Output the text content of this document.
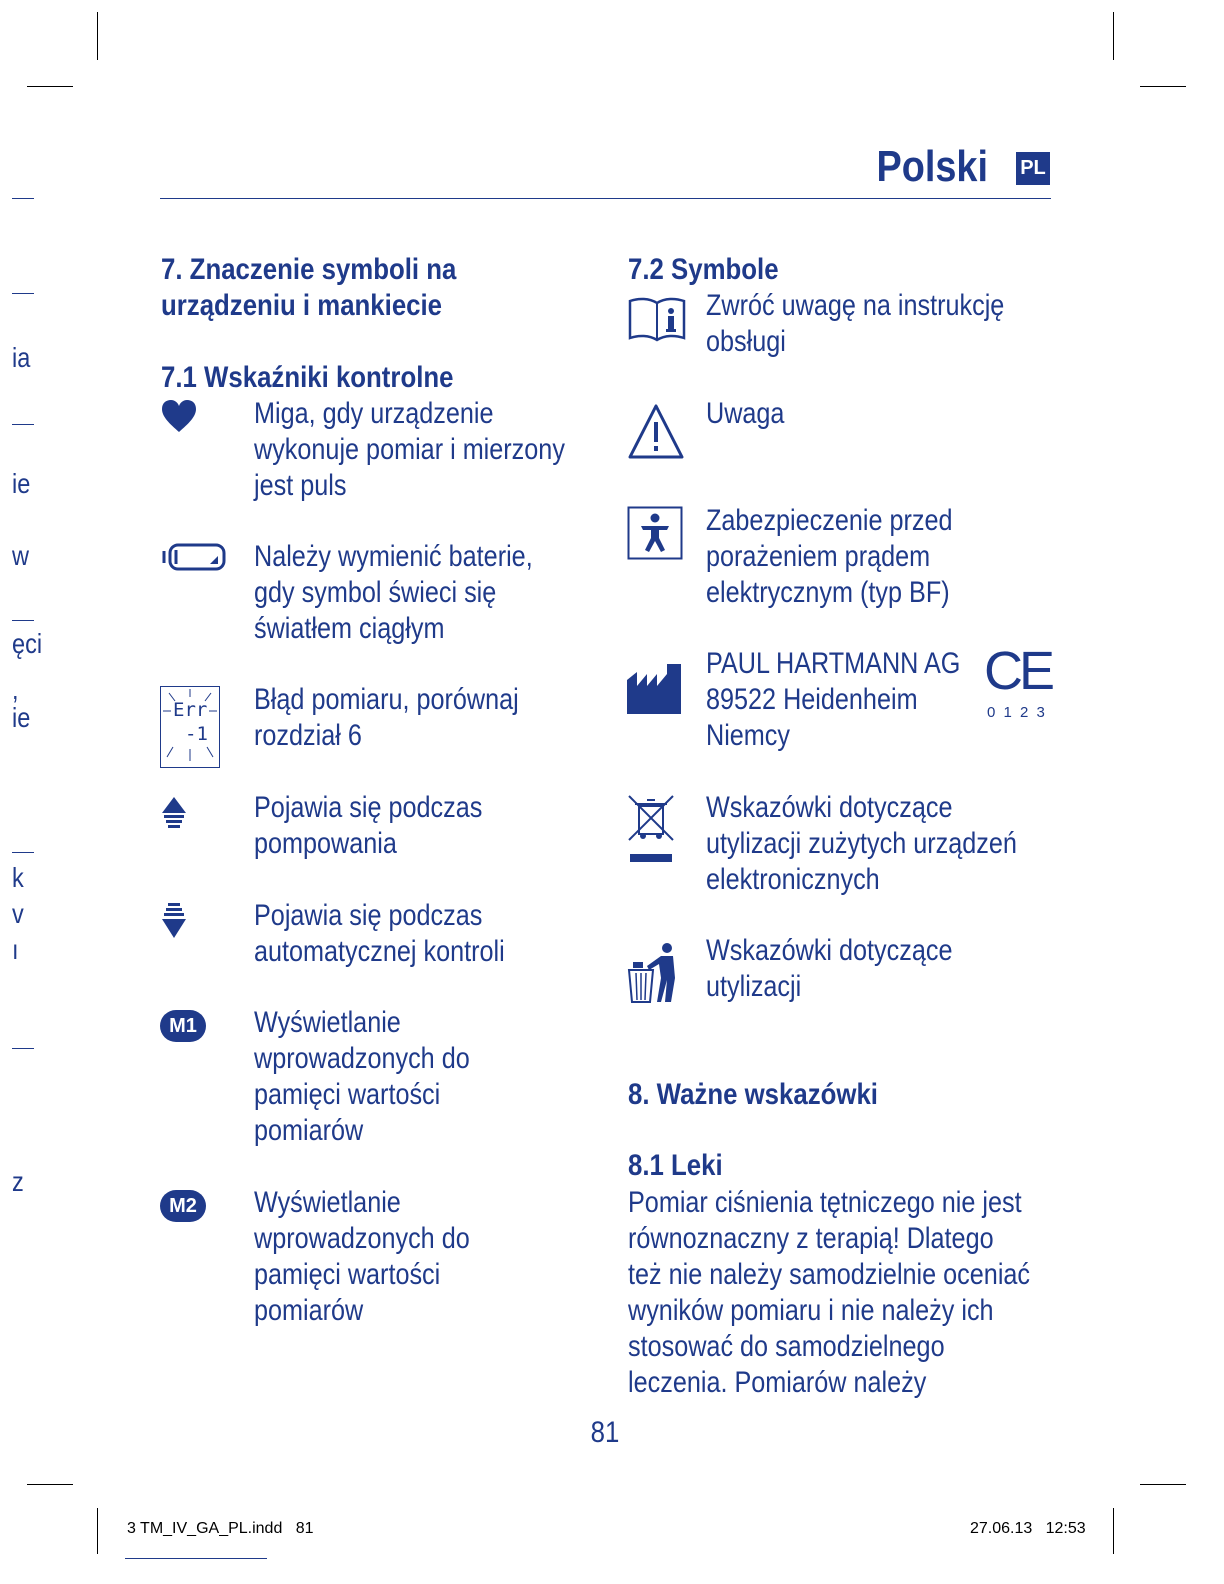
ia
ie
w
ęci
,
ie
k
v
ı
z
Polski PL
7. Znaczenie symboli na
urządzeniu i mankiecie
7.1 Wskaźniki kontrolne
Miga, gdy urządzenie
wykonuje pomiar i mierzony
jest puls
Należy wymienić baterie,
gdy symbol świeci się
światłem ciągłym
Err
-1
Błąd pomiaru, porównaj
rozdział 6
Pojawia się podczas
pompowania
Pojawia się podczas
automatycznej kontroli
M1	Wyświetlanie
wprowadzonych do
pamięci wartości
pomiarów
M2	Wyświetlanie
wprowadzonych do
pamięci wartości
pomiarów
7.2 Symbole
Zwróć uwagę na instrukcję
obsługi
Uwaga
Zabezpieczenie przed
porażeniem prądem
elektrycznym (typ BF)
PAUL HARTMANN AG
89522 Heidenheim
Niemcy
CE
0 1 2 3
Wskazówki dotyczące
utylizacji zużytych urządzeń
elektronicznych
Wskazówki dotyczące
utylizacji
8. Ważne wskazówki
8.1 Leki
Pomiar ciśnienia tętniczego nie jest
równoznaczny z terapią! Dlatego
też nie należy samodzielnie oceniać
wyników pomiaru i nie należy ich
stosować do samodzielnego
leczenia. Pomiarów należy
81
3 TM_IV_GA_PL.indd   81	27.06.13   12:53
